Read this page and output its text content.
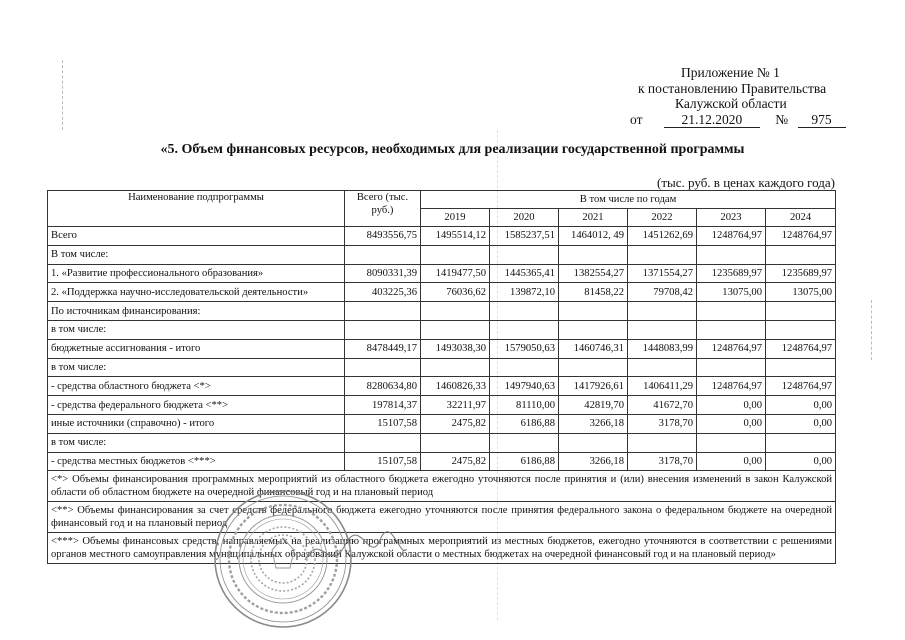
Приложение № 1
к постановлению Правительства
Калужской области
от	21.12.2020 № 975
«5. Объем финансовых ресурсов, необходимых для реализации государственной программы
(тыс. руб. в ценах каждого года)
Наименование подпрограммы	Всего (тыс. руб.)	В том числе по годам					
		2019	2020	2021	2022	2023	2024
Всего	8493556,75	1495514,12	1585237,51	1464012, 49	1451262,69	1248764,97	1248764,97
В том числе:							
1. «Развитие профессионального образования»	8090331,39	1419477,50	1445365,41	1382554,27	1371554,27	1235689,97	1235689,97
2. «Поддержка научно-исследовательской деятельности»	403225,36	76036,62	139872,10	81458,22	79708,42	13075,00	13075,00
По источникам финансирования:							
в том числе:							
бюджетные ассигнования - итого	8478449,17	1493038,30	1579050,63	1460746,31	1448083,99	1248764,97	1248764,97
в том числе:							
- средства областного бюджета <*>	8280634,80	1460826,33	1497940,63	1417926,61	1406411,29	1248764,97	1248764,97
- средства федерального бюджета <**>	197814,37	32211,97	81110,00	42819,70	41672,70	0,00	0,00
иные источники (справочно) - итого	15107,58	2475,82	6186,88	3266,18	3178,70	0,00	0,00
в том числе:							
- средства местных бюджетов <***>	15107,58	2475,82	6186,88	3266,18	3178,70	0,00	0,00
<*> Объемы финансирования программных мероприятий из областного бюджета ежегодно уточняются после принятия и (или) внесения изменений в закон Калужской области об областном бюджете на очередной финансовый год и на плановый период							
<**> Объемы финансирования за счет средств федерального бюджета ежегодно уточняются после принятия федерального закона о федеральном бюджете на очередной финансовый год и на плановый период							
<***> Объемы финансовых средств, направляемых на реализацию программных мероприятий из местных бюджетов, ежегодно уточняются в соответствии с решениями органов местного самоуправления муниципальных образований Калужской области о местных бюджетах на очередной финансовый год и на плановый период»							
